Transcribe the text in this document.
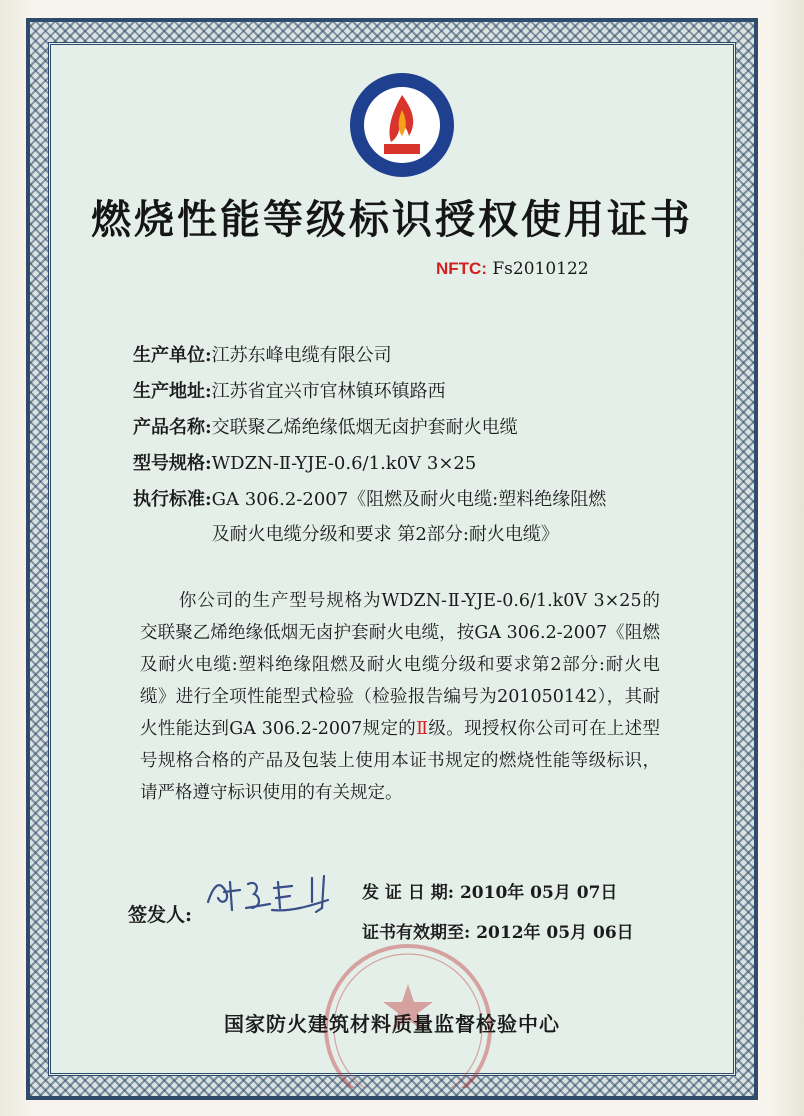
燃烧性能等级标识授权使用证书
NFTC: Fs2010122
生产单位: 江苏东峰电缆有限公司
生产地址: 江苏省宜兴市官林镇环镇路西
产品名称: 交联聚乙烯绝缘低烟无卤护套耐火电缆
型号规格: WDZN-Ⅱ-YJE-0.6/1.k0V 3×25
执行标准: GA 306.2-2007《阻燃及耐火电缆:塑料绝缘阻燃
及耐火电缆分级和要求 第2部分:耐火电缆》
你公司的生产型号规格为WDZN-Ⅱ-YJE-0.6/1.k0V 3×25的交联聚乙烯绝缘低烟无卤护套耐火电缆，按GA 306.2-2007《阻燃及耐火电缆:塑料绝缘阻燃及耐火电缆分级和要求第2部分:耐火电缆》进行全项性能型式检验（检验报告编号为201050142），其耐火性能达到GA 306.2-2007规定的Ⅱ级。现授权你公司可在上述型号规格合格的产品及包装上使用本证书规定的燃烧性能等级标识，请严格遵守标识使用的有关规定。
签发人:
发 证 日 期: 2010年 05月 07日
证书有效期至: 2012年 05月 06日
国家防火建筑材料质量监督检验中心
